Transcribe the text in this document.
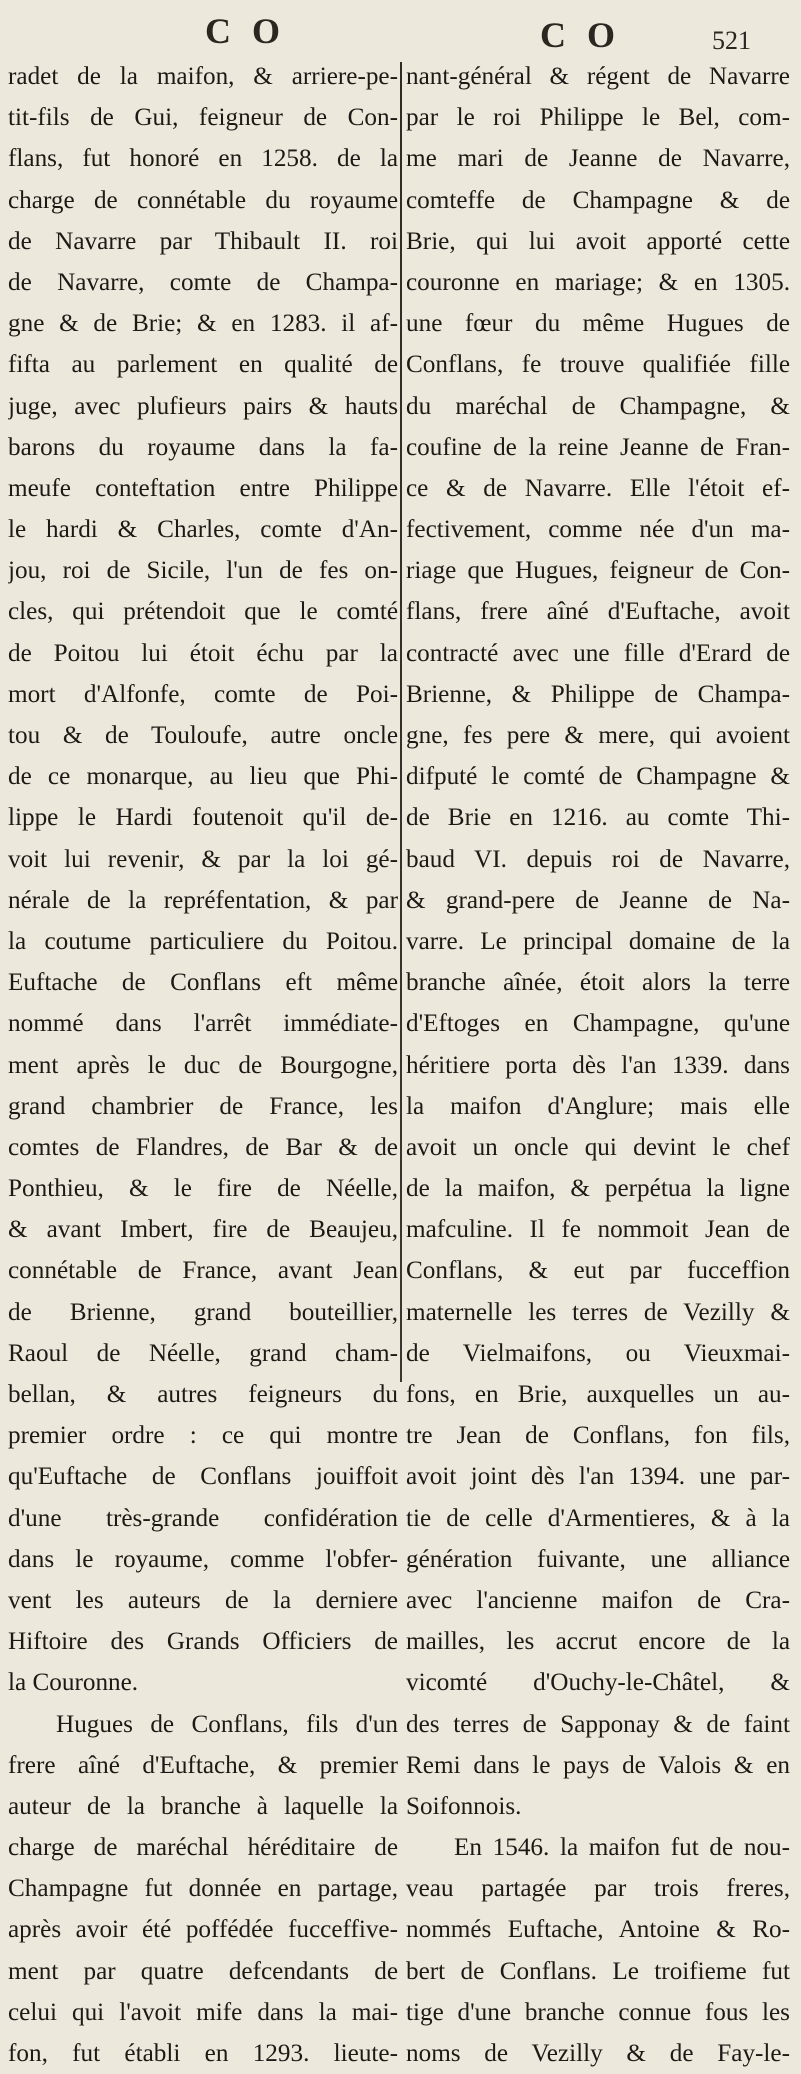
C O	C O	521
radet de la maifon, & arriere-pe-
tit-fils de Gui, feigneur de Con-
flans, fut honoré en 1258. de la
charge de connétable du royaume
de Navarre par Thibault II. roi
de Navarre, comte de Champa-
gne & de Brie; & en 1283. il af-
fifta au parlement en qualité de
juge, avec plufieurs pairs & hauts
barons du royaume dans la fa-
meufe conteftation entre Philippe
le hardi & Charles, comte d'An-
jou, roi de Sicile, l'un de fes on-
cles, qui prétendoit que le comté
de Poitou lui étoit échu par la
mort d'Alfonfe, comte de Poi-
tou & de Touloufe, autre oncle
de ce monarque, au lieu que Phi-
lippe le Hardi foutenoit qu'il de-
voit lui revenir, & par la loi gé-
nérale de la repréfentation, & par
la coutume particuliere du Poitou.
Euftache de Conflans eft même
nommé dans l'arrêt immédiate-
ment après le duc de Bourgogne,
grand chambrier de France, les
comtes de Flandres, de Bar & de
Ponthieu, & le fire de Néelle,
& avant Imbert, fire de Beaujeu,
connétable de France, avant Jean
de Brienne, grand bouteillier,
Raoul de Néelle, grand cham-
bellan, & autres feigneurs du
premier ordre : ce qui montre
qu'Euftache de Conflans jouiffoit
d'une très-grande confidération
dans le royaume, comme l'obfer-
vent les auteurs de la derniere
Hiftoire des Grands Officiers de
la Couronne.
Hugues de Conflans, fils d'un
frere aîné d'Euftache, & premier
auteur de la branche à laquelle la
charge de maréchal héréditaire de
Champagne fut donnée en partage,
après avoir été poffédée fucceffive-
ment par quatre defcendants de
celui qui l'avoit mife dans la mai-
fon, fut établi en 1293. lieute-
nant-général & régent de Navarre
par le roi Philippe le Bel, com-
me mari de Jeanne de Navarre,
comteffe de Champagne & de
Brie, qui lui avoit apporté cette
couronne en mariage; & en 1305.
une fœur du même Hugues de
Conflans, fe trouve qualifiée fille
du maréchal de Champagne, &
coufine de la reine Jeanne de Fran-
ce & de Navarre. Elle l'étoit ef-
fectivement, comme née d'un ma-
riage que Hugues, feigneur de Con-
flans, frere aîné d'Euftache, avoit
contracté avec une fille d'Erard de
Brienne, & Philippe de Champa-
gne, fes pere & mere, qui avoient
difputé le comté de Champagne &
de Brie en 1216. au comte Thi-
baud VI. depuis roi de Navarre,
& grand-pere de Jeanne de Na-
varre. Le principal domaine de la
branche aînée, étoit alors la terre
d'Eftoges en Champagne, qu'une
héritiere porta dès l'an 1339. dans
la maifon d'Anglure; mais elle
avoit un oncle qui devint le chef
de la maifon, & perpétua la ligne
mafculine. Il fe nommoit Jean de
Conflans, & eut par fucceffion
maternelle les terres de Vezilly &
de Vielmaifons, ou Vieuxmai-
fons, en Brie, auxquelles un au-
tre Jean de Conflans, fon fils,
avoit joint dès l'an 1394. une par-
tie de celle d'Armentieres, & à la
génération fuivante, une alliance
avec l'ancienne maifon de Cra-
mailles, les accrut encore de la
vicomté d'Ouchy-le-Châtel, &
des terres de Sapponay & de faint
Remi dans le pays de Valois & en
Soifonnois.
En 1546. la maifon fut de nou-
veau partagée par trois freres,
nommés Euftache, Antoine & Ro-
bert de Conflans. Le troifieme fut
tige d'une branche connue fous les
noms de Vezilly & de Fay-le-
